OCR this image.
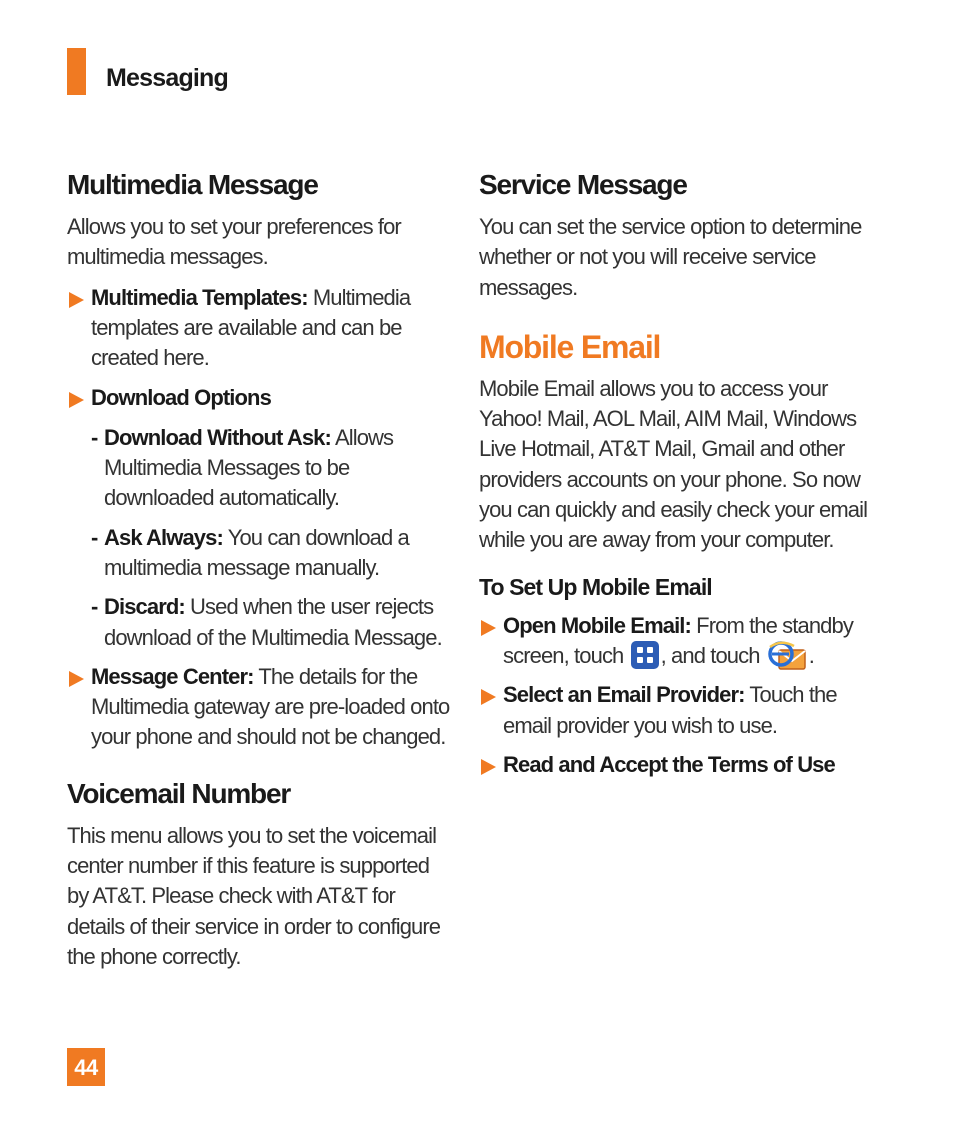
Messaging
Multimedia Message

Allows you to set your preferences for multimedia messages.

Multimedia Templates: Multimedia templates are available and can be created here.
Download Options
- Download Without Ask: Allows Multimedia Messages to be downloaded automatically.
- Ask Always: You can download a multimedia message manually.
- Discard: Used when the user rejects download of the Multimedia Message.
Message Center: The details for the Multimedia gateway are pre-loaded onto your phone and should not be changed.
Voicemail Number

This menu allows you to set the voicemail center number if this feature is supported by AT&T. Please check with AT&T for details of their service in order to configure the phone correctly.

Service Message

You can set the service option to determine whether or not you will receive service messages.

Mobile Email

Mobile Email allows you to access your Yahoo! Mail, AOL Mail, AIM Mail, Windows Live Hotmail, AT&T Mail, Gmail and other providers accounts on your phone. So now you can quickly and easily check your email while you are away from your computer.

To Set Up Mobile Email
Open Mobile Email: From the standby screen, touch
, and touch .
Select an Email Provider: Touch the email provider you wish to use.
Read and Accept the Terms of Use
44
